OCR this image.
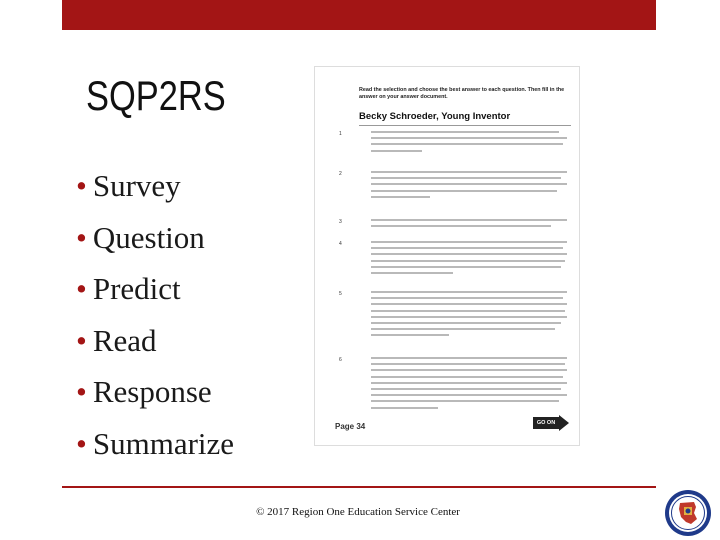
SQP2RS
• Survey
• Question
• Predict
• Read
• Response
• Summarize
Read the selection and choose the best answer to each question. Then fill in the answer on your answer document.
Becky Schroeder, Young Inventor
1
2
3
4
5
6
Page 34	GO ON
© 2017 Region One Education Service Center
